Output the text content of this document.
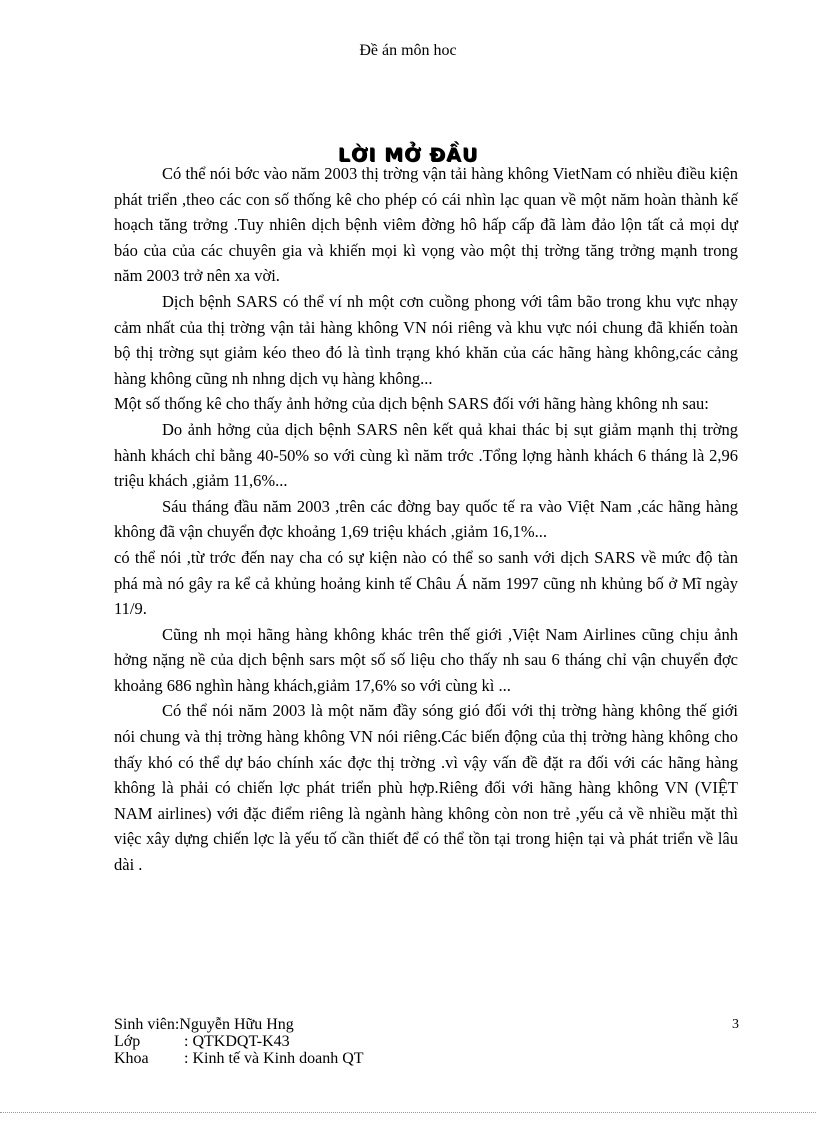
Đề án môn hoc
LỜI MỞ ĐẦU

Có thể nói bớc vào năm 2003 thị trờng vận tải hàng không VietNam có nhiều điều kiện phát triển ,theo các con số thống kê cho phép có cái nhìn lạc quan về một năm hoàn thành kế hoạch tăng trởng .Tuy nhiên dịch bệnh viêm đờng hô hấp cấp đã làm đảo lộn tất cả mọi dự báo của của các chuyên gia và khiến mọi kì vọng vào một thị trờng tăng trởng mạnh trong năm 2003 trở nên xa vời.

Dịch bệnh SARS có thể ví nh một cơn cuồng phong với tâm bão trong khu vực nhạy cảm nhất của thị trờng vận tải hàng không VN nói riêng và khu vực nói chung đã khiến toàn bộ thị trờng sụt giảm kéo theo đó là tình trạng khó khăn của các hãng hàng không,các cảng hàng không cũng nh nhng dịch vụ hàng không...

Một số thống kê cho thấy ảnh hởng của dịch bệnh SARS đối với hãng hàng không nh sau:

Do ảnh hởng của dịch bệnh SARS nên kết quả khai thác bị sụt giảm mạnh thị trờng hành khách chỉ bằng 40-50% so với cùng kì năm trớc .Tổng lợng hành khách 6 tháng là 2,96 triệu khách ,giảm 11,6%...

Sáu tháng đầu năm 2003 ,trên các đờng bay quốc tế ra vào Việt Nam ,các hãng hàng không đã vận chuyển đợc khoảng 1,69 triệu khách ,giảm 16,1%...

có thể nói ,từ trớc đến nay cha có sự kiện nào có thể so sanh với dịch SARS về mức độ tàn phá mà nó gây ra kể cả khủng hoảng kinh tế Châu Á năm 1997 cũng nh khủng bố ở Mĩ ngày 11/9.

Cũng nh mọi hãng hàng không khác trên thế giới ,Việt Nam Airlines cũng chịu ảnh hởng nặng nề của dịch bệnh sars một số số liệu cho thấy nh sau 6 tháng chỉ vận chuyển đợc khoảng 686 nghìn hàng khách,giảm 17,6% so với cùng kì ...

Có thể nói năm 2003 là một năm đầy sóng gió đối với thị trờng hàng không thế giới nói chung và thị trờng hàng không VN nói riêng.Các biến động của thị trờng hàng không cho thấy khó có thể dự báo chính xác đợc thị trờng .vì vậy vấn đề đặt ra đối với các hãng hàng không là phải có chiến lợc phát triển phù hợp.Riêng đối với hãng hàng không VN (VIỆT NAM airlines) với đặc điểm riêng là ngành hàng không còn non trẻ ,yếu cả về nhiều mặt thì việc xây dựng chiến lợc là yếu tố cần thiết để có thể tồn tại trong hiện tại và phát triển về lâu dài .

Sinh viên: Nguyễn Hữu Hng
Lớp	: QTKDQT-K43
Khoa	: Kinh tế và Kinh doanh QT
3
